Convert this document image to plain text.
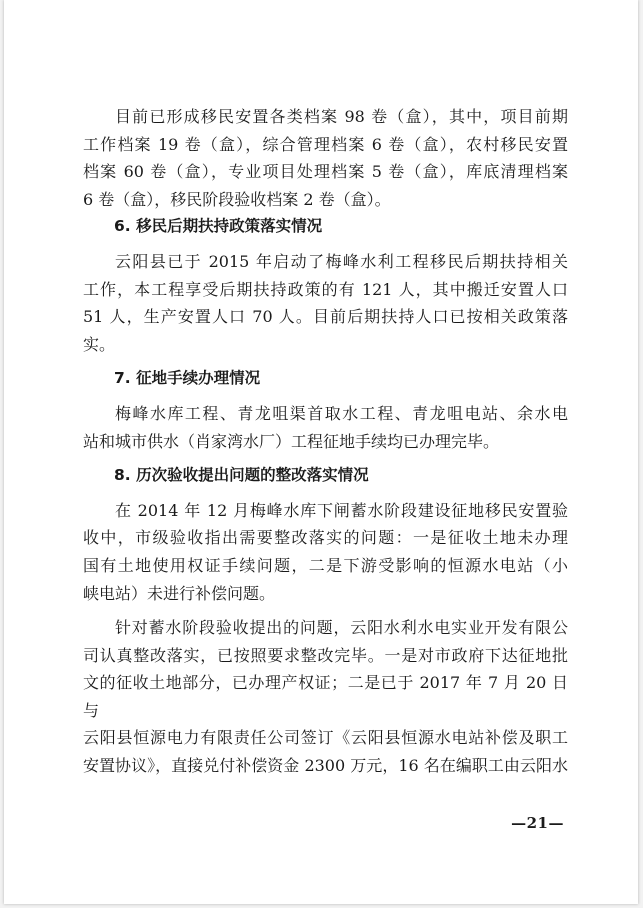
目前已形成移民安置各类档案 98 卷（盒），其中，项目前期
工作档案 19 卷（盒），综合管理档案 6 卷（盒），农村移民安置
档案 60 卷（盒），专业项目处理档案 5 卷（盒），库底清理档案
6 卷（盒），移民阶段验收档案 2 卷（盒）。
6. 移民后期扶持政策落实情况
云阳县已于 2015 年启动了梅峰水利工程移民后期扶持相关
工作，本工程享受后期扶持政策的有 121 人，其中搬迁安置人口
51 人，生产安置人口 70 人。目前后期扶持人口已按相关政策落
实。
7. 征地手续办理情况
梅峰水库工程、青龙咀渠首取水工程、青龙咀电站、余水电
站和城市供水（肖家湾水厂）工程征地手续均已办理完毕。
8. 历次验收提出问题的整改落实情况
在 2014 年 12 月梅峰水库下闸蓄水阶段建设征地移民安置验
收中，市级验收指出需要整改落实的问题：一是征收土地未办理
国有土地使用权证手续问题，二是下游受影响的恒源水电站（小
峡电站）未进行补偿问题。
针对蓄水阶段验收提出的问题，云阳水利水电实业开发有限公
司认真整改落实，已按照要求整改完毕。一是对市政府下达征地批
文的征收土地部分，已办理产权证；二是已于 2017 年 7 月 20 日与
云阳县恒源电力有限责任公司签订《云阳县恒源水电站补偿及职工
安置协议》，直接兑付补偿资金 2300 万元，16 名在编职工由云阳水
—21—
